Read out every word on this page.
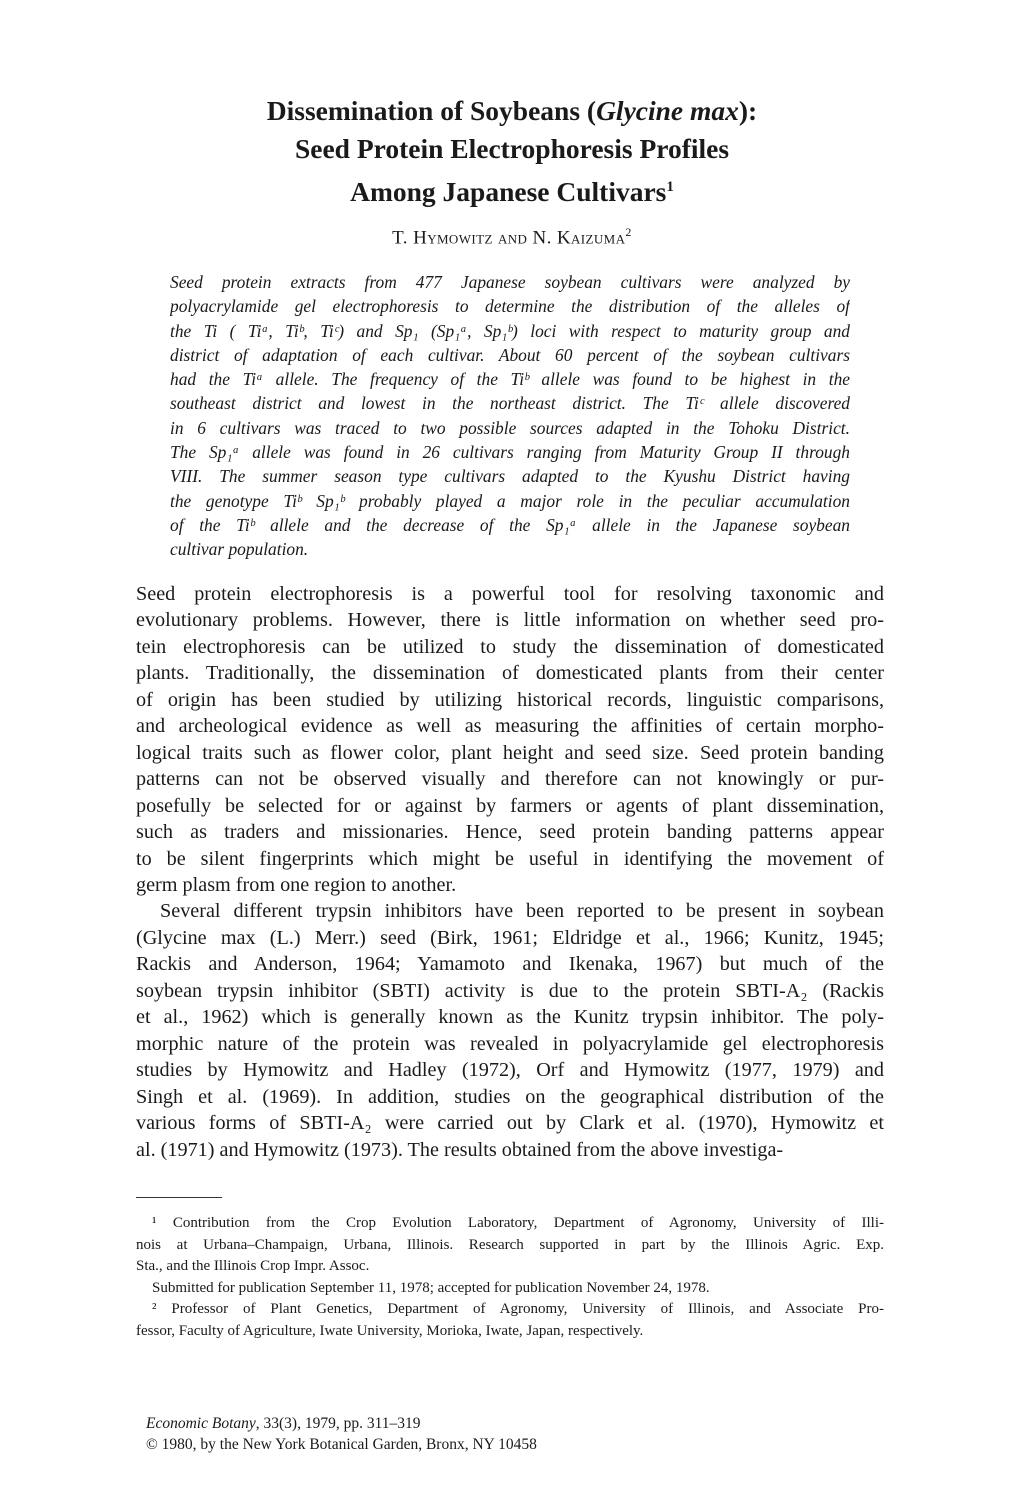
Dissemination of Soybeans (Glycine max):
Seed Protein Electrophoresis Profiles
Among Japanese Cultivars$^1$
T. Hymowitz and N. Kaizuma$^2$
Seed protein extracts from 477 Japanese soybean cultivars were analyzed by
polyacrylamide gel electrophoresis to determine the distribution of the alleles of
the Ti ( Tiᵃ, Tiᵇ, Tiᶜ) and Sp₁ (Sp₁ᵃ, Sp₁ᵇ) loci with respect to maturity group and
district of adaptation of each cultivar. About 60 percent of the soybean cultivars
had the Tiᵃ allele. The frequency of the Tiᵇ allele was found to be highest in the
southeast district and lowest in the northeast district. The Tiᶜ allele discovered
in 6 cultivars was traced to two possible sources adapted in the Tohoku District.
The Sp₁ᵃ allele was found in 26 cultivars ranging from Maturity Group II through
VIII. The summer season type cultivars adapted to the Kyushu District having
the genotype Tiᵇ Sp₁ᵇ probably played a major role in the peculiar accumulation
of the Tiᵇ allele and the decrease of the Sp₁ᵃ allele in the Japanese soybean
cultivar population.
Seed protein electrophoresis is a powerful tool for resolving taxonomic and
evolutionary problems. However, there is little information on whether seed pro-
tein electrophoresis can be utilized to study the dissemination of domesticated
plants. Traditionally, the dissemination of domesticated plants from their center
of origin has been studied by utilizing historical records, linguistic comparisons,
and archeological evidence as well as measuring the affinities of certain morpho-
logical traits such as flower color, plant height and seed size. Seed protein banding
patterns can not be observed visually and therefore can not knowingly or pur-
posefully be selected for or against by farmers or agents of plant dissemination,
such as traders and missionaries. Hence, seed protein banding patterns appear
to be silent fingerprints which might be useful in identifying the movement of
germ plasm from one region to another.
Several different trypsin inhibitors have been reported to be present in soybean
(Glycine max (L.) Merr.) seed (Birk, 1961; Eldridge et al., 1966; Kunitz, 1945;
Rackis and Anderson, 1964; Yamamoto and Ikenaka, 1967) but much of the
soybean trypsin inhibitor (SBTI) activity is due to the protein SBTI-A₂ (Rackis
et al., 1962) which is generally known as the Kunitz trypsin inhibitor. The poly-
morphic nature of the protein was revealed in polyacrylamide gel electrophoresis
studies by Hymowitz and Hadley (1972), Orf and Hymowitz (1977, 1979) and
Singh et al. (1969). In addition, studies on the geographical distribution of the
various forms of SBTI-A₂ were carried out by Clark et al. (1970), Hymowitz et
al. (1971) and Hymowitz (1973). The results obtained from the above investiga-
¹ Contribution from the Crop Evolution Laboratory, Department of Agronomy, University of Illi-
nois at Urbana–Champaign, Urbana, Illinois. Research supported in part by the Illinois Agric. Exp.
Sta., and the Illinois Crop Impr. Assoc.
Submitted for publication September 11, 1978; accepted for publication November 24, 1978.
² Professor of Plant Genetics, Department of Agronomy, University of Illinois, and Associate Pro-
fessor, Faculty of Agriculture, Iwate University, Morioka, Iwate, Japan, respectively.
Economic Botany, 33(3), 1979, pp. 311–319
© 1980, by the New York Botanical Garden, Bronx, NY 10458
